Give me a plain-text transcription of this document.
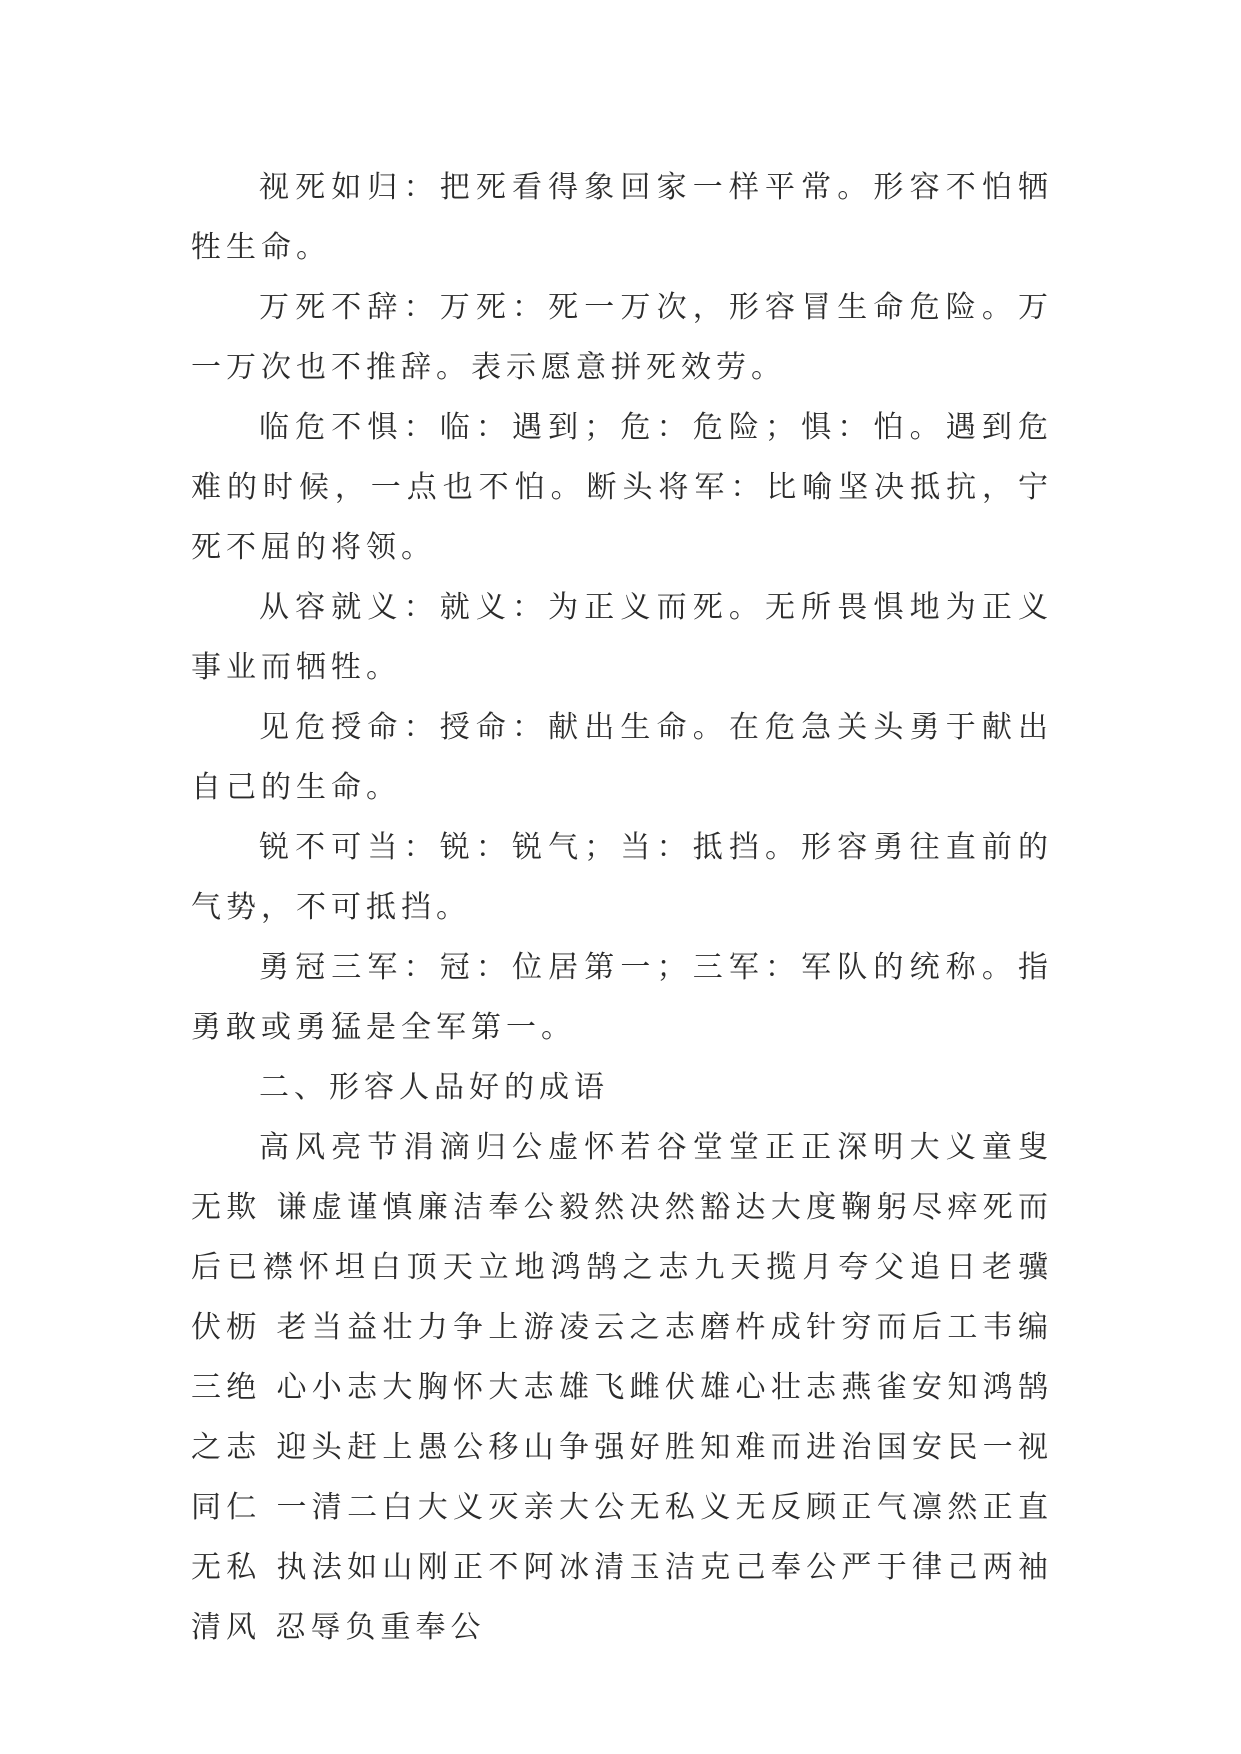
视死如归：把死看得象回家一样平常。形容不怕牺牲生命。

万死不辞：万死：死一万次，形容冒生命危险。万一万次也不推辞。表示愿意拼死效劳。

临危不惧：临：遇到；危：危险；惧：怕。遇到危难的时候，一点也不怕。断头将军：比喻坚决抵抗，宁死不屈的将领。

从容就义：就义：为正义而死。无所畏惧地为正义事业而牺牲。

见危授命：授命：献出生命。在危急关头勇于献出自己的生命。

锐不可当：锐：锐气；当：抵挡。形容勇往直前的气势，不可抵挡。

勇冠三军：冠：位居第一；三军：军队的统称。指勇敢或勇猛是全军第一。

二、形容人品好的成语

高风亮节涓滴归公虚怀若谷堂堂正正深明大义童叟无欺 谦虚谨慎廉洁奉公毅然决然豁达大度鞠躬尽瘁死而后已襟怀坦白顶天立地鸿鹄之志九天揽月夸父追日老骥伏枥 老当益壮力争上游凌云之志磨杵成针穷而后工韦编三绝 心小志大胸怀大志雄飞雌伏雄心壮志燕雀安知鸿鹄之志 迎头赶上愚公移山争强好胜知难而进治国安民一视同仁 一清二白大义灭亲大公无私义无反顾正气凛然正直无私 执法如山刚正不阿冰清玉洁克己奉公严于律己两袖清风 忍辱负重奉公
